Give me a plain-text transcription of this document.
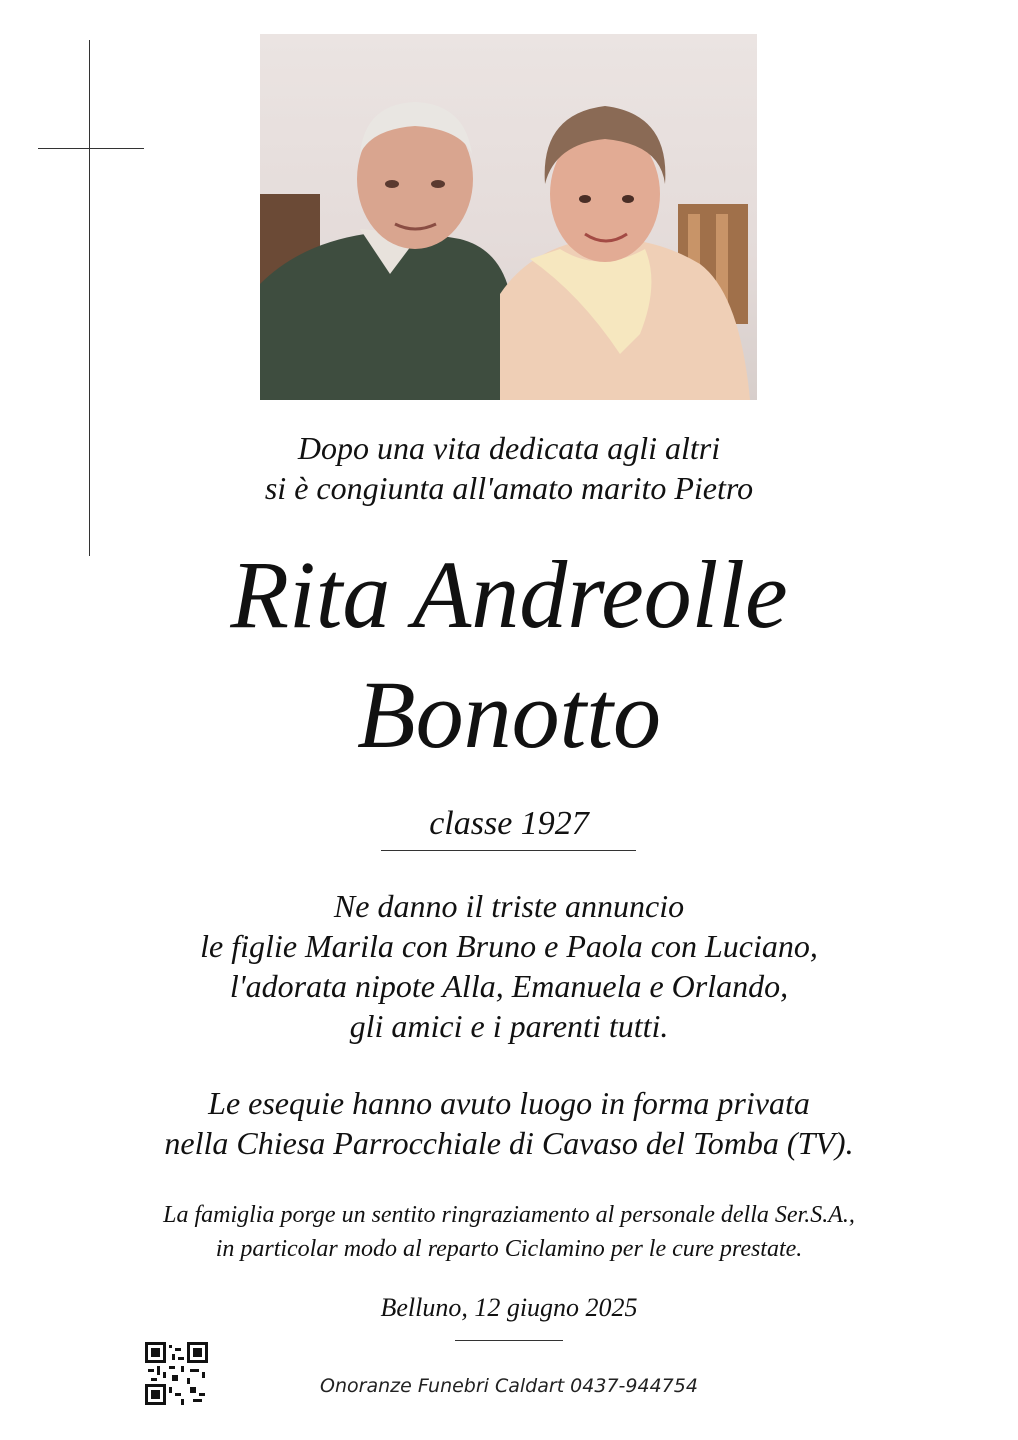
Dopo una vita dedicata agli altri
si è congiunta all'amato marito Pietro
Rita Andreolle
Bonotto
classe 1927
Ne danno il triste annuncio
le figlie Marila con Bruno e Paola con Luciano,
l'adorata nipote Alla, Emanuela e Orlando,
gli amici e i parenti tutti.
Le esequie hanno avuto luogo in forma privata
nella Chiesa Parrocchiale di Cavaso del Tomba (TV).
La famiglia porge un sentito ringraziamento al personale della Ser.S.A.,
in particolar modo al reparto Ciclamino per le cure prestate.
Belluno, 12 giugno 2025
Onoranze Funebri Caldart 0437-944754
